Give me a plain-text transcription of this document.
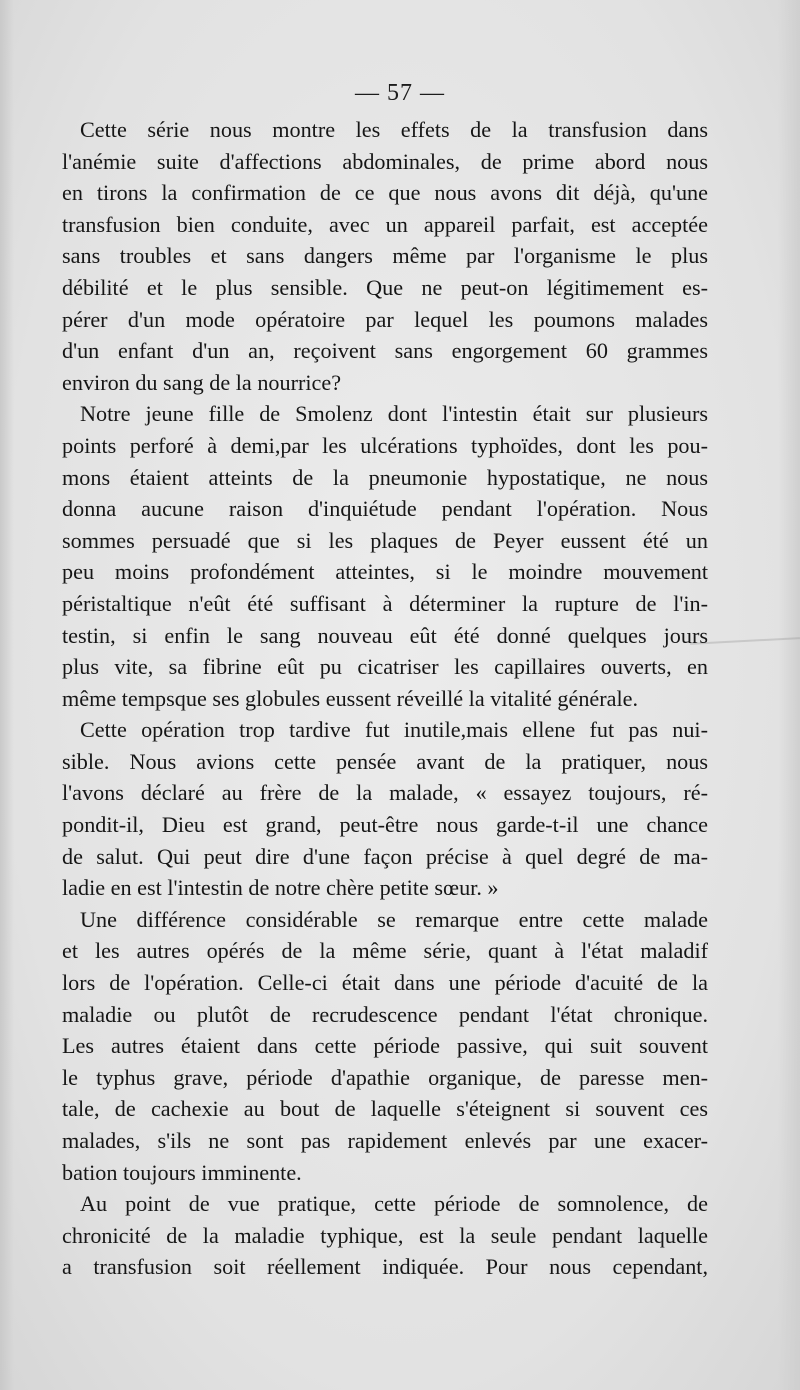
— 57 —
Cette série nous montre les effets de la transfusion dans
l'anémie suite d'affections abdominales, de prime abord nous
en tirons la confirmation de ce que nous avons dit déjà, qu'une
transfusion bien conduite, avec un appareil parfait, est acceptée
sans troubles et sans dangers même par l'organisme le plus
débilité et le plus sensible. Que ne peut-on légitimement es-
pérer d'un mode opératoire par lequel les poumons malades
d'un enfant d'un an, reçoivent sans engorgement 60 grammes
environ du sang de la nourrice?
Notre jeune fille de Smolenz dont l'intestin était sur plusieurs
points perforé à demi,par les ulcérations typhoïdes, dont les pou-
mons étaient atteints de la pneumonie hypostatique, ne nous
donna aucune raison d'inquiétude pendant l'opération. Nous
sommes persuadé que si les plaques de Peyer eussent été un
peu moins profondément atteintes, si le moindre mouvement
péristaltique n'eût été suffisant à déterminer la rupture de l'in-
testin, si enfin le sang nouveau eût été donné quelques jours
plus vite, sa fibrine eût pu cicatriser les capillaires ouverts, en
même tempsque ses globules eussent réveillé la vitalité générale.
Cette opération trop tardive fut inutile,mais ellene fut pas nui-
sible. Nous avions cette pensée avant de la pratiquer, nous
l'avons déclaré au frère de la malade, « essayez toujours, ré-
pondit-il, Dieu est grand, peut-être nous garde-t-il une chance
de salut. Qui peut dire d'une façon précise à quel degré de ma-
ladie en est l'intestin de notre chère petite sœur. »
Une différence considérable se remarque entre cette malade
et les autres opérés de la même série, quant à l'état maladif
lors de l'opération. Celle-ci était dans une période d'acuité de la
maladie ou plutôt de recrudescence pendant l'état chronique.
Les autres étaient dans cette période passive, qui suit souvent
le typhus grave, période d'apathie organique, de paresse men-
tale, de cachexie au bout de laquelle s'éteignent si souvent ces
malades, s'ils ne sont pas rapidement enlevés par une exacer-
bation toujours imminente.
Au point de vue pratique, cette période de somnolence, de
chronicité de la maladie typhique, est la seule pendant laquelle
a transfusion soit réellement indiquée. Pour nous cependant,
